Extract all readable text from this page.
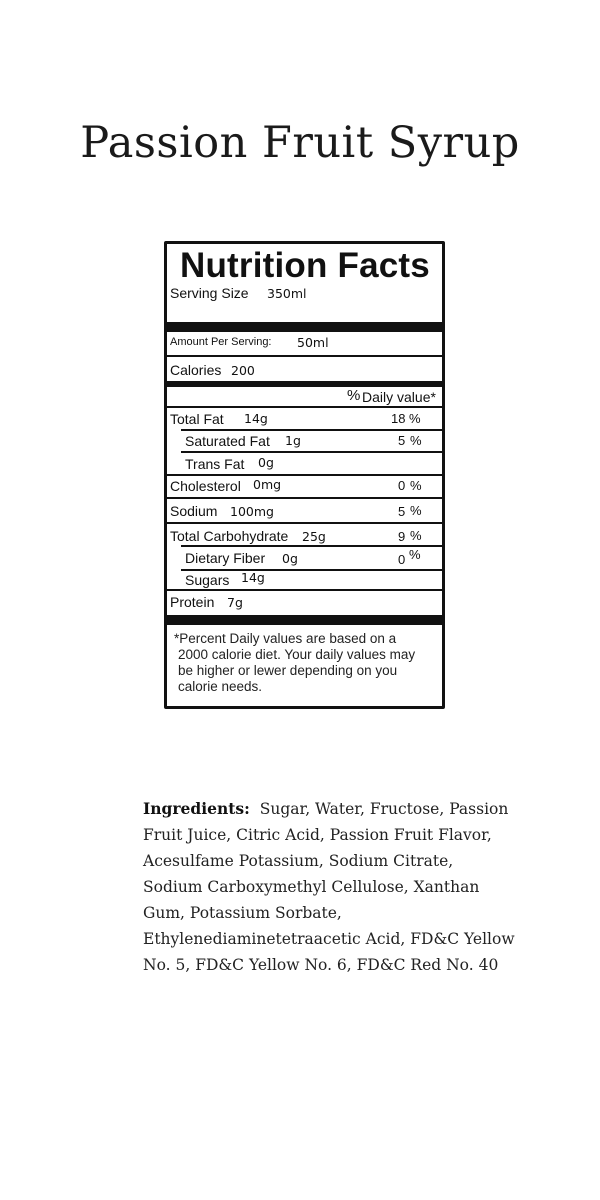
Passion Fruit Syrup
Nutrition Facts
Serving Size 350ml
Amount Per Serving: 50ml
Calories 200
% Daily value*
Total Fat 14g	18 %
Saturated Fat 1g	5 %
Trans Fat 0g
Cholesterol 0mg	0 %
Sodium 100mg	5 %
Total Carbohydrate 25g	9 %
Dietary Fiber 0g	0 %
Sugars 14g
Protein 7g
*Percent Daily values are based on a
2000 calorie diet. Your daily values may
be higher or lewer depending on you
calorie needs.
Ingredients: Sugar, Water, Fructose, Passion
Fruit Juice, Citric Acid, Passion Fruit Flavor,
Acesulfame Potassium, Sodium Citrate,
Sodium Carboxymethyl Cellulose, Xanthan
Gum, Potassium Sorbate,
Ethylenediaminetetraacetic Acid, FD&C Yellow
No. 5, FD&C Yellow No. 6, FD&C Red No. 40
